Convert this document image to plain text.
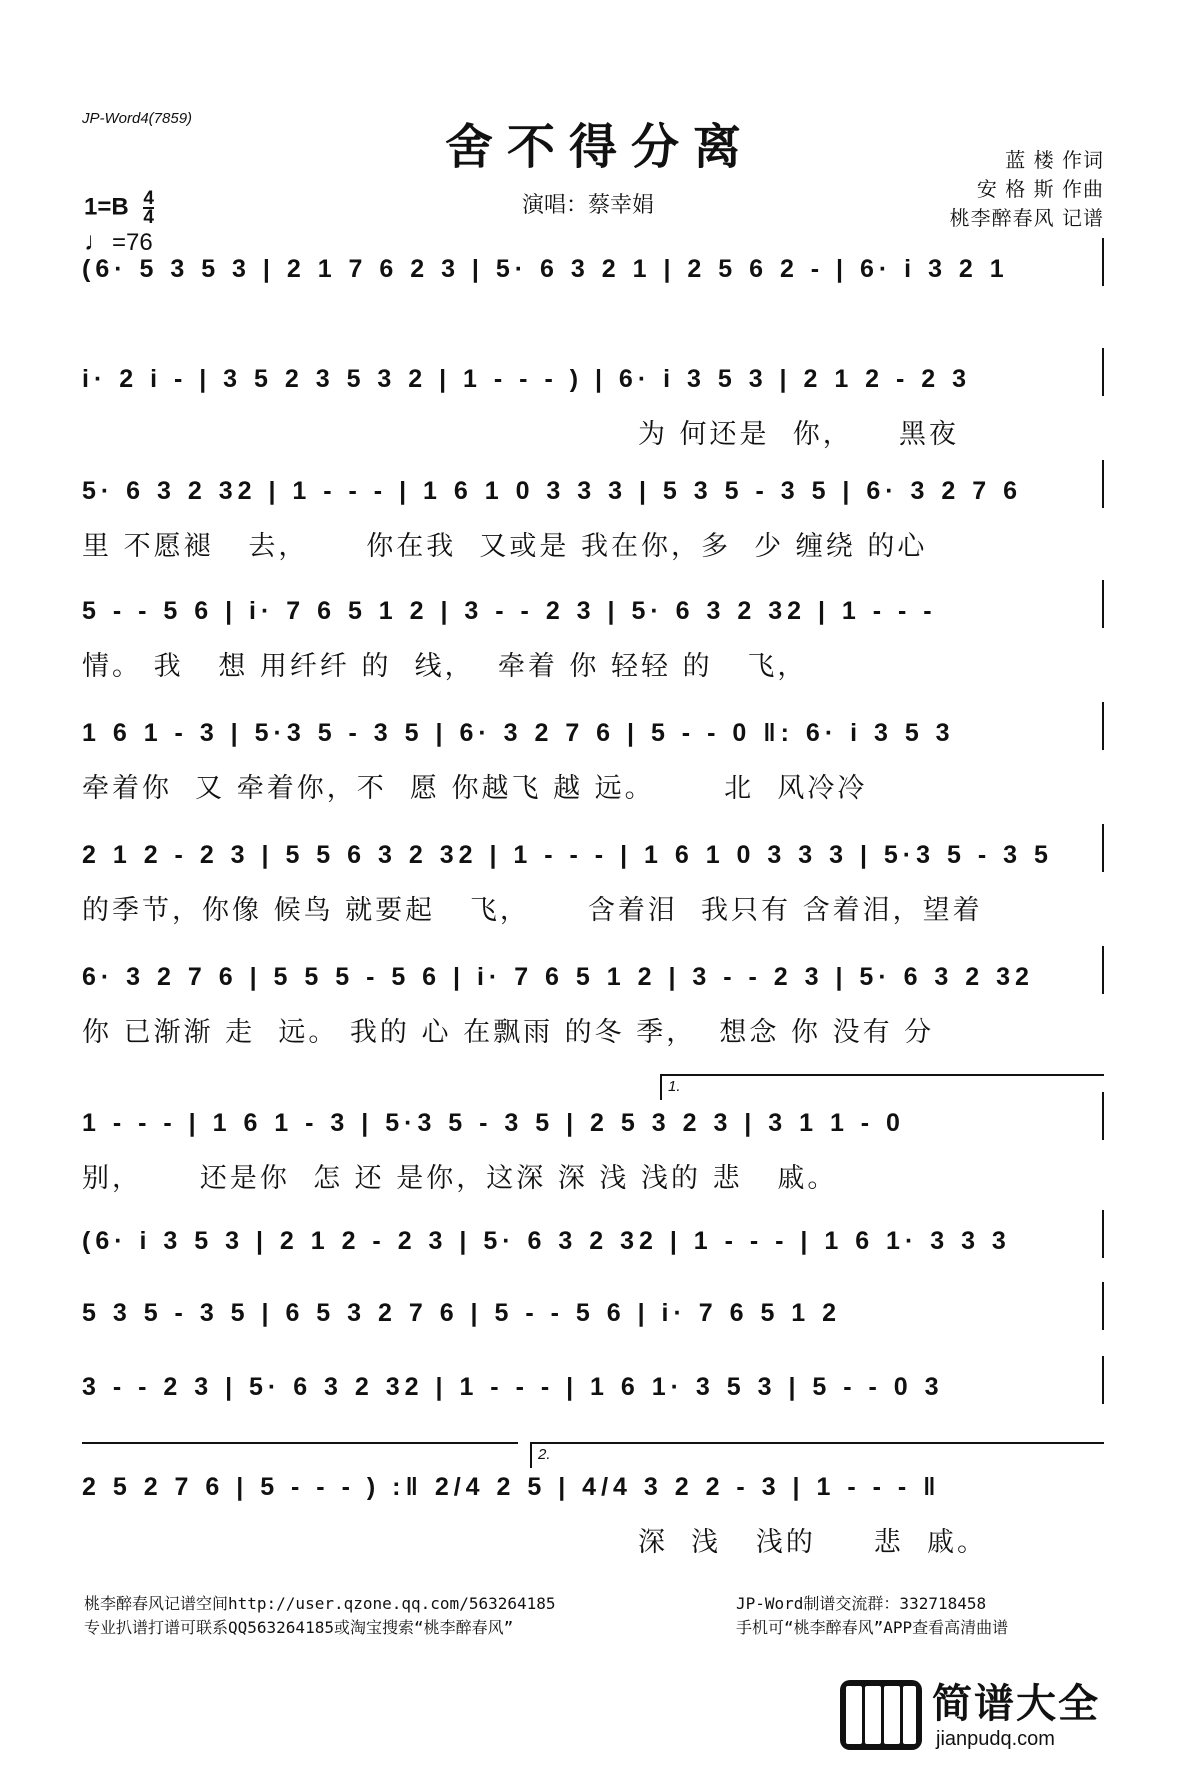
JP-Word4(7859)
舍不得分离
演唱：蔡幸娟
蓝 楼 作词
安 格 斯 作曲
桃李醉春风 记谱
$1=B \frac{4}{4}$
♩=76
(6· 5 3 5 3 | 2 1 7 6 2 3 | 5· 6 3 2 1 | 2 5 6 2 - | 6· i 3 2 1
i· 2 i - | 3 5 2 3 5 3 2 | 1 - - - ) | 6· i 3 5 3 | 2 1 2 - 2 3
为 何还是  你，    黑夜
5· 6 3 2 32 | 1 - - - | 1 6 1 0 3 3 3 | 5 3 5 - 3 5 | 6· 3 2 7 6
里 不愿褪   去，     你在我  又或是 我在你，多  少 缠绕 的心
5 - - 5 6 | i· 7 6 5 1 2 | 3 - - 2 3 | 5· 6 3 2 32 | 1 - - -
情。 我   想 用纤纤 的  线，  牵着 你 轻轻 的   飞，
1 6 1 - 3 | 5·3 5 - 3 5 | 6· 3 2 7 6 | 5 - - 0 ‖: 6· i 3 5 3
牵着你  又 牵着你，不  愿 你越飞 越 远。      北  风冷冷
2 1 2 - 2 3 | 5 5 6 3 2 32 | 1 - - - | 1 6 1 0 3 3 3 | 5·3 5 - 3 5
的季节，你像 候鸟 就要起   飞，     含着泪  我只有 含着泪，望着
6· 3 2 7 6 | 5 5 5 - 5 6 | i· 7 6 5 1 2 | 3 - - 2 3 | 5· 6 3 2 32
你 已渐渐 走  远。 我的 心 在飘雨 的冬 季，  想念 你 没有 分
1.
1 - - - | 1 6 1 - 3 | 5·3 5 - 3 5 | 2 5 3 2 3 | 3 1 1 - 0
别，     还是你  怎 还 是你，这深 深 浅 浅的 悲   戚。
(6· i 3 5 3 | 2 1 2 - 2 3 | 5· 6 3 2 32 | 1 - - - | 1 6 1· 3 3 3
5 3 5 - 3 5 | 6 5 3 2 7 6 | 5 - - 5 6 | i· 7 6 5 1 2
3 - - 2 3 | 5· 6 3 2 32 | 1 - - - | 1 6 1· 3 5 3 | 5 - - 0 3
2.
2 5 2 7 6 | 5 - - - ) :‖ 2/4 2 5 | 4/4 3 2 2 - 3 | 1 - - - ‖
深  浅   浅的     悲  戚。
桃李醉春风记谱空间http://user.qzone.qq.com/563264185
专业扒谱打谱可联系QQ563264185或淘宝搜索“桃李醉春风”
JP-Word制谱交流群：332718458
手机可“桃李醉春风”APP查看高清曲谱
简谱大全
jianpudq.com
